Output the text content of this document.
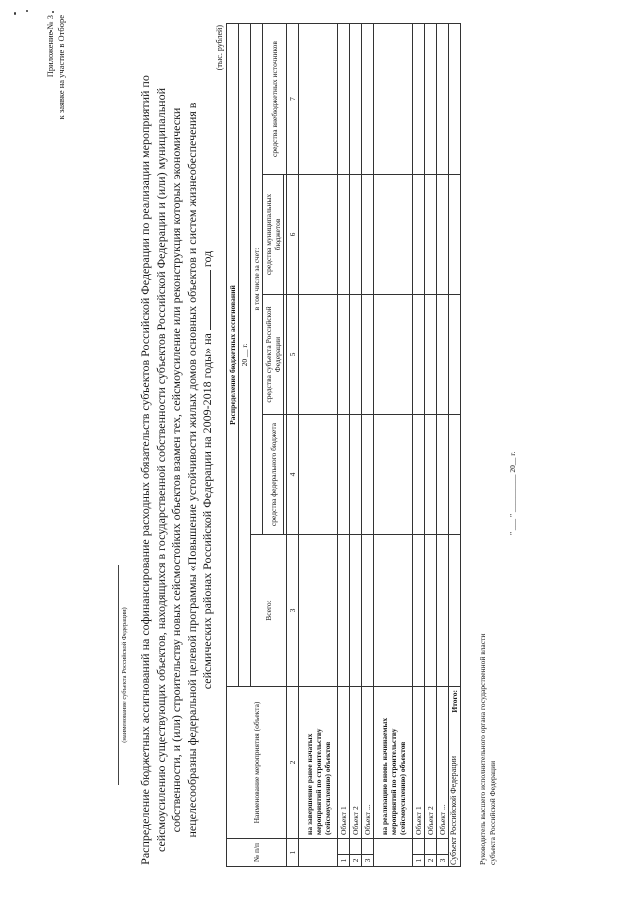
Приложение № 3 к заявке на участие в Отборе
(наименование субъекта Российской Федерации) Распределение бюджетных ассигнований на софинансирование расходных обязательств субъектов Российской Федерации по реализации мероприятий по сейсмоусилению существующих объектов, находящихся в государственной собственности субъектов Российской Федерации и (или) муниципальной собственности, и (или) строительству новых сейсмостойких объектов взамен тех, сейсмоусиление или реконструкция которых экономически нецелесообразны федеральной целевой программы «Повышение устойчивости жилых домов основных объектов и систем жизнеобеспечения в сейсмических районах Российской Федерации на 2009-2018 годы» на  год
(тыс. рублей)
№ п/п		Наименование мероприятия (объекта)	Распределение бюджетных ассигнований				
			20 __ г.				
			Всего:	в том числе за счет:			
				средства федерального бюджета	средства субъекта Российской Федерации	средства муниципальных бюджетов	средства внебюджетных источников

1		2	3	4	5	6	7
		на завершение ранее начатых мероприятий по строительству (сейсмоусилению) объектов					
1		Объект 1					
2		Объект 2					
3		Объект ...					
		на реализацию вновь начинаемых мероприятий по строительству (сейсмоусилению) объектов					
1		Объект 1					
2		Объект 2					
3		Объект ...					
Итого:							
Субъект Российской Федерации	Руководитель высшего исполнительного органа государственной власти субъекта Российской Федерации
" ___ " __________ 20__ г.
